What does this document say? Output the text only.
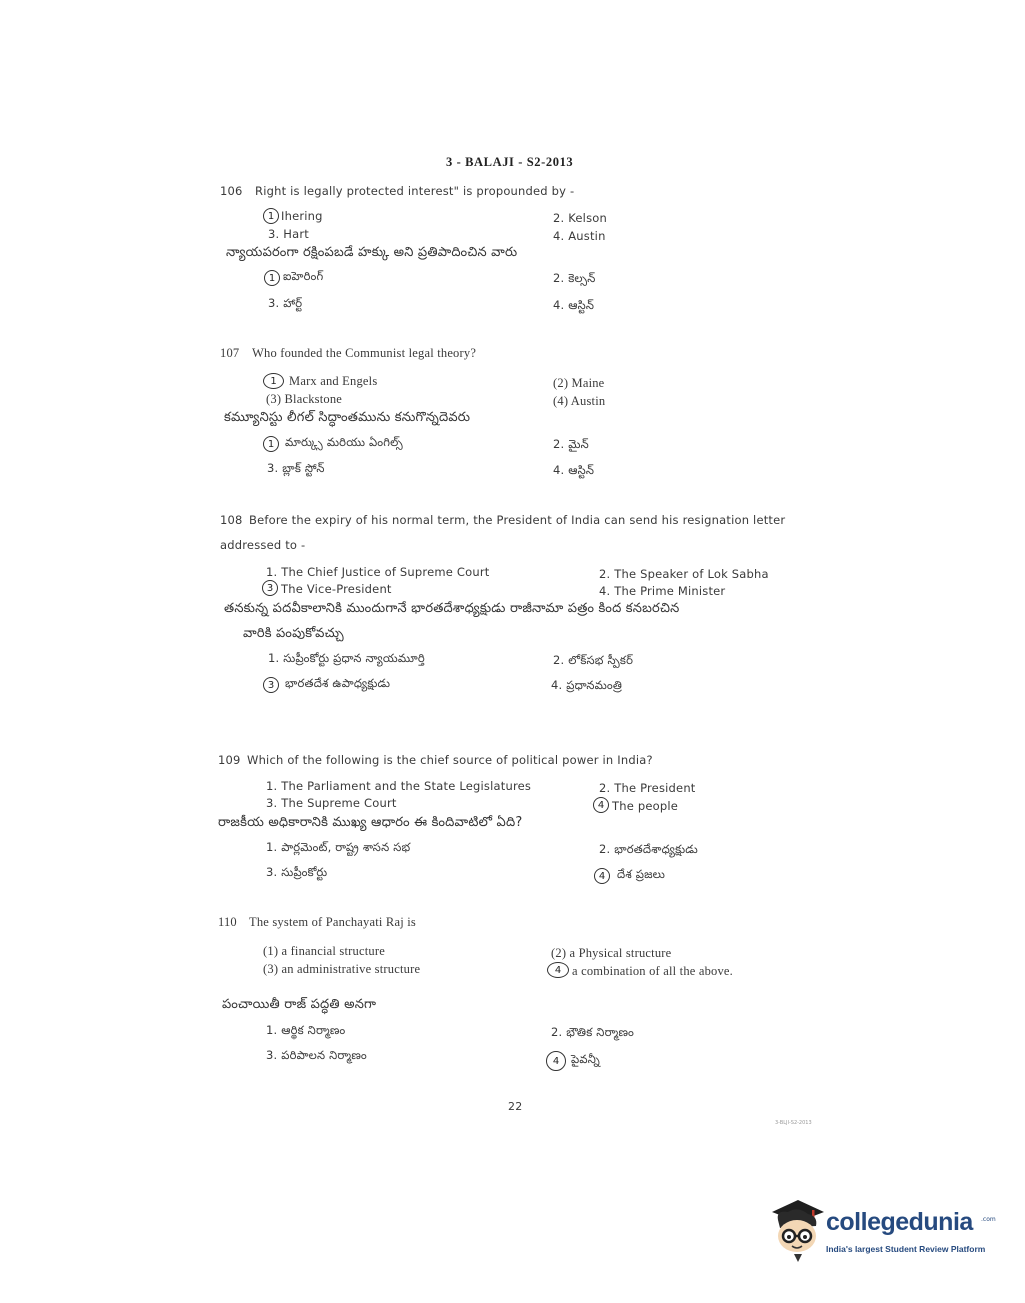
3 - BALAJI - S2-2013
106 Right is legally protected interest" is propounded by -
1 Ihering	2. Kelson
3. Hart	4. Austin
న్యాయపరంగా రక్షింపబడే హక్కు అని ప్రతిపాదించిన వారు
1 ఐహెరింగ్	2. కెల్సన్
3. హార్ట్	4. ఆస్టిన్
107 Who founded the Communist legal theory?
1 Marx and Engels	(2) Maine
(3) Blackstone	(4) Austin
కమ్యూనిస్టు లీగల్ సిద్ధాంతమును కనుగొన్నదెవరు
1 మార్క్సు మరియు ఏంగిల్స్	2. మైన్
3. బ్లాక్ స్టోన్	4. ఆస్టిన్
108 Before the expiry of his normal term, the President of India can send his resignation letter
addressed to -
1. The Chief Justice of Supreme Court	2. The Speaker of Lok Sabha
3 The Vice-President	4. The Prime Minister
తనకున్న పదవీకాలానికి ముందుగానే భారతదేశాధ్యక్షుడు రాజీనామా పత్రం కింద కనబరచిన
వారికి పంపుకోవచ్చు
1. సుప్రీంకోర్టు ప్రధాన న్యాయమూర్తి	2. లోక్‌సభ స్పీకర్
3 భారతదేశ ఉపాధ్యక్షుడు	4. ప్రధానమంత్రి
109 Which of the following is the chief source of political power in India?
1. The Parliament and the State Legislatures	2. The President
3. The Supreme Court	4 The people
రాజకీయ అధికారానికి ముఖ్య ఆధారం ఈ కిందివాటిలో ఏది?
1. పార్లమెంట్, రాష్ట్ర శాసన సభ	2. భారతదేశాధ్యక్షుడు
3. సుప్రీంకోర్టు	4	దేశ ప్రజలు
110 The system of Panchayati Raj is
(1) a financial structure	(2) a Physical structure
(3) an administrative structure	4 a combination of all the above.
పంచాయితీ రాజ్ పద్ధతి అనగా
1. ఆర్థిక నిర్మాణం	2. భౌతిక నిర్మాణం
3. పరిపాలన నిర్మాణం	4	పైవన్నీ
22
3-BLJI-S2-2013
collegedunia .com
India's largest Student Review Platform
